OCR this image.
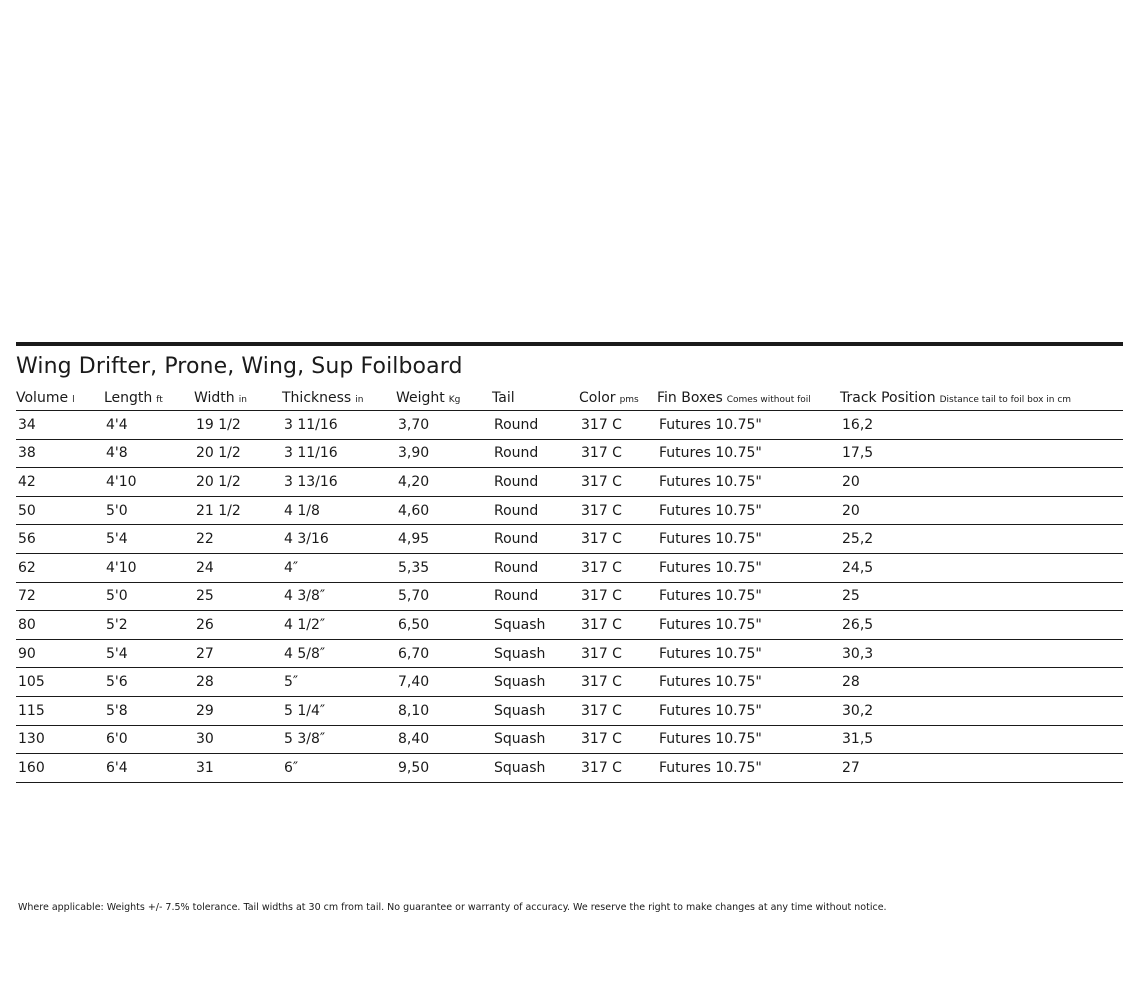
Wing Drifter, Prone, Wing, Sup Foilboard
Volume l	Length ft	Width in	Thickness in	Weight Kg	Tail	Color pms	Fin Boxes Comes without foil	Track Position Distance tail to foil box in cm
34	4'4	19 1/2	3 11/16	3,70	Round	317 C	Futures 10.75"	16,2
38	4'8	20 1/2	3 11/16	3,90	Round	317 C	Futures 10.75"	17,5
42	4'10	20 1/2	3 13/16	4,20	Round	317 C	Futures 10.75"	20
50	5'0	21 1/2	4 1/8	4,60	Round	317 C	Futures 10.75"	20
56	5'4	22	4 3/16	4,95	Round	317 C	Futures 10.75"	25,2
62	4'10	24	4″	5,35	Round	317 C	Futures 10.75"	24,5
72	5'0	25	4 3/8″	5,70	Round	317 C	Futures 10.75"	25
80	5'2	26	4 1/2″	6,50	Squash	317 C	Futures 10.75"	26,5
90	5'4	27	4 5/8″	6,70	Squash	317 C	Futures 10.75"	30,3
105	5'6	28	5″	7,40	Squash	317 C	Futures 10.75"	28
115	5'8	29	5 1/4″	8,10	Squash	317 C	Futures 10.75"	30,2
130	6'0	30	5 3/8″	8,40	Squash	317 C	Futures 10.75"	31,5
160	6'4	31	6″	9,50	Squash	317 C	Futures 10.75"	27
Where applicable: Weights +/- 7.5% tolerance. Tail widths at 30 cm from tail. No guarantee or warranty of accuracy. We reserve the right to make changes at any time without notice.
